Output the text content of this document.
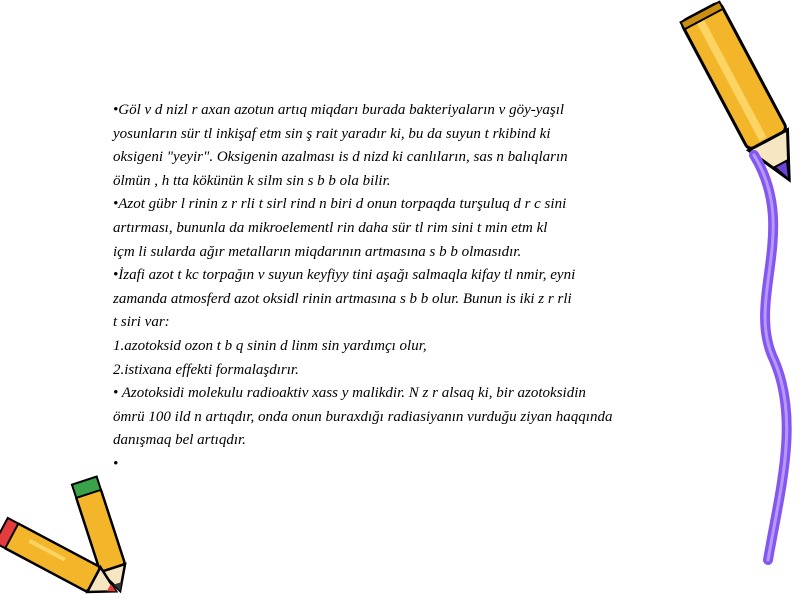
•Göl v d nizl r axan azotun artıq miqdarı burada bakteriyaların v göy-yaşıl
yosunların sür tl inkişaf etm sin ş rait yaradır ki, bu da suyun t rkibind ki
oksigeni "yeyir". Oksigenin azalması is d nizd ki canlıların, sas n balıqların
ölmün , h tta kökünün k silm sin s b b ola bilir.
•Azot gübr l rinin z r rli t sirl rind n biri d onun torpaqda turşuluq d r c sini
artırması, bununla da mikroelementl rin daha sür tl rim sini t min etm kl
içm li sularda ağır metalların miqdarının artmasına s b b olmasıdır.
•İzafi azot t kc torpağın v suyun keyfiyy tini aşağı salmaqla kifay tl nmir, eyni
zamanda atmosferd azot oksidl rinin artmasına s b b olur. Bunun is iki z r rli
t siri var:
1.azotoksid ozon t b q sinin d linm sin yardımçı olur,
2.istixana effekti formalaşdırır.
• Azotoksidi molekulu radioaktiv xass y malikdir. N z r alsaq ki, bir azotoksidin
ömrü 100 ild n artıqdır, onda onun buraxdığı radiasiyanın vurduğu ziyan haqqında
danışmaq bel artıqdır.
•
